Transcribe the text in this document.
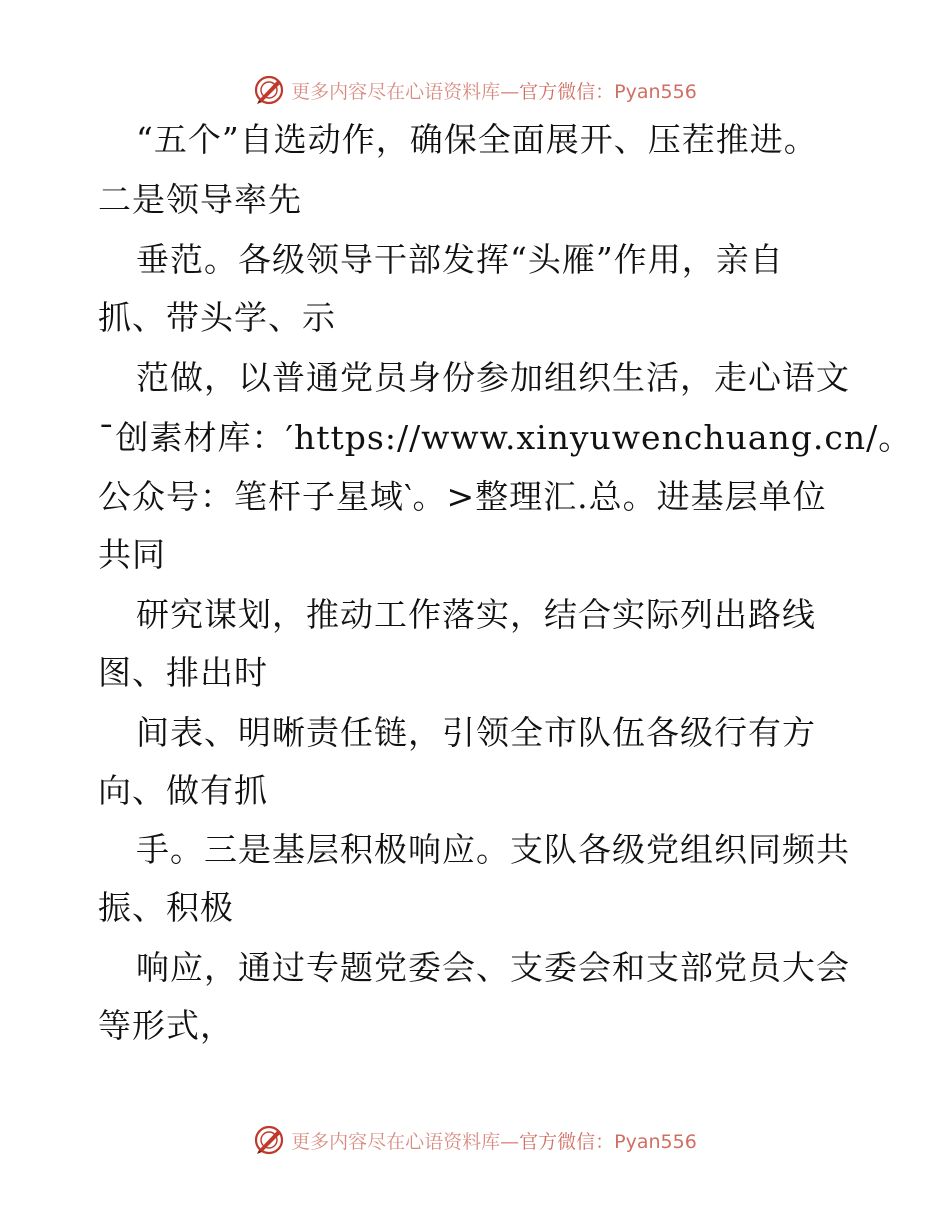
更多内容尽在心语资料库—官方微信：Pyan556
“五个”自选动作，确保全面展开、压茬推进。
二是领导率先
垂范。各级领导干部发挥“头雁”作用，亲自
抓、带头学、示
范做，以普通党员身份参加组织生活，走心语文
¯创素材库：′https://www.xinyuwenchuang.cn/。
公众号：笔杆子星域‵。>整理汇.总。进基层单位
共同
研究谋划，推动工作落实，结合实际列出路线
图、排出时
间表、明晰责任链，引领全市队伍各级行有方
向、做有抓
手。三是基层积极响应。支队各级党组织同频共
振、积极
响应，通过专题党委会、支委会和支部党员大会
等形式，
更多内容尽在心语资料库—官方微信：Pyan556
